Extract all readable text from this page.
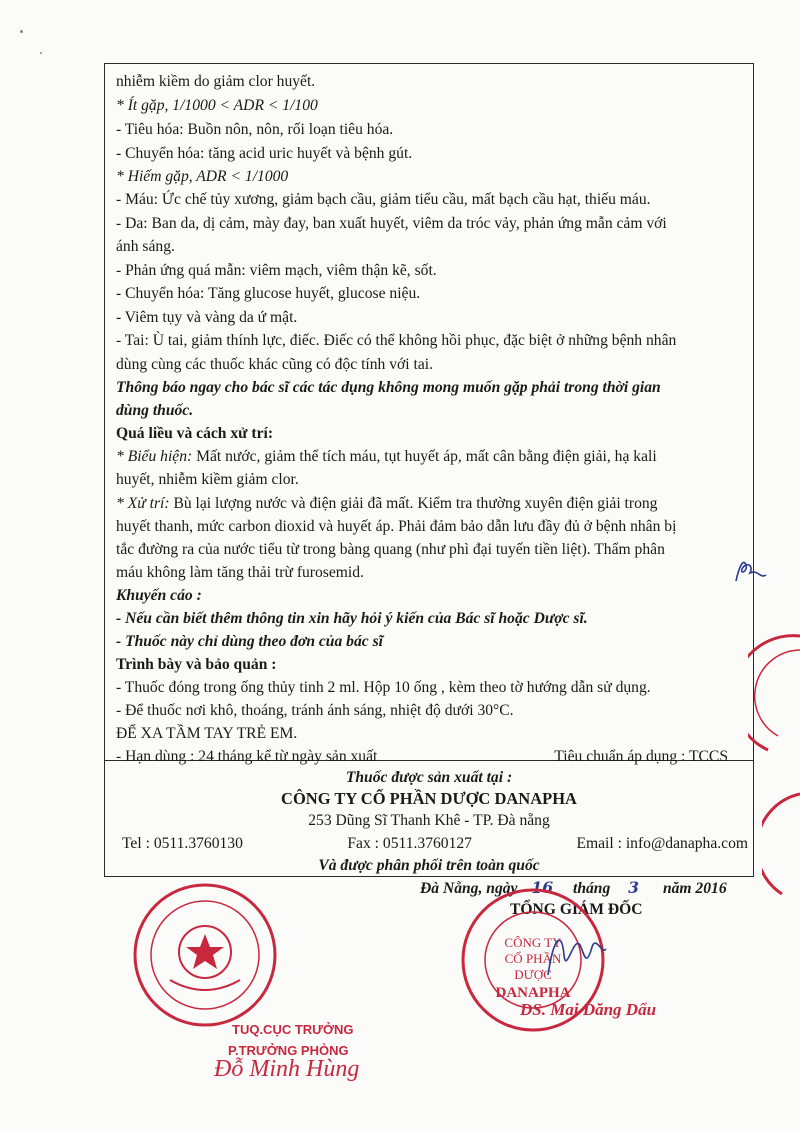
nhiễm kiềm do giảm clor huyết.
* Ít gặp, 1/1000 < ADR < 1/100
- Tiêu hóa: Buồn nôn, nôn, rối loạn tiêu hóa.
- Chuyển hóa: tăng acid uric huyết và bệnh gút.
* Hiếm gặp, ADR < 1/1000
- Máu: Ức chế tủy xương, giảm bạch cầu, giảm tiểu cầu, mất bạch cầu hạt, thiếu máu.
- Da: Ban da, dị cảm, mày đay, ban xuất huyết, viêm da tróc vảy, phản ứng mẫn cảm với
ánh sáng.
- Phản ứng quá mẫn: viêm mạch, viêm thận kẽ, sốt.
- Chuyển hóa: Tăng glucose huyết, glucose niệu.
- Viêm tụy và vàng da ứ mật.
- Tai: Ù tai, giảm thính lực, điếc. Điếc có thể không hồi phục, đặc biệt ở những bệnh nhân
dùng cùng các thuốc khác cũng có độc tính với tai.
Thông báo ngay cho bác sĩ các tác dụng không mong muốn gặp phải trong thời gian
dùng thuốc.
Quá liều và cách xử trí:
* Biểu hiện: Mất nước, giảm thể tích máu, tụt huyết áp, mất cân bằng điện giải, hạ kali
huyết, nhiễm kiềm giảm clor.
* Xử trí: Bù lại lượng nước và điện giải đã mất. Kiểm tra thường xuyên điện giải trong
huyết thanh, mức carbon dioxid và huyết áp. Phải đảm bảo dẫn lưu đầy đủ ở bệnh nhân bị
tắc đường ra của nước tiểu từ trong bàng quang (như phì đại tuyến tiền liệt). Thẩm phân
máu không làm tăng thải trừ furosemid.
Khuyến cáo :
- Nếu cần biết thêm thông tin xin hãy hỏi ý kiến của Bác sĩ hoặc Dược sĩ.
- Thuốc này chỉ dùng theo đơn của bác sĩ
Trình bày và bảo quản :
- Thuốc đóng trong ống thủy tinh 2 ml. Hộp 10 ống , kèm theo tờ hướng dẫn sử dụng.
- Để thuốc nơi khô, thoáng, tránh ánh sáng, nhiệt độ dưới 30°C.
ĐỂ XA TẦM TAY TRẺ EM.
- Hạn dùng : 24 tháng kể từ ngày sản xuất	Tiêu chuẩn áp dụng : TCCS
Thuốc được sản xuất tại :
CÔNG TY CỔ PHẦN DƯỢC DANAPHA
253 Dũng Sĩ Thanh Khê - TP. Đà nẵng
Tel : 0511.3760130	Fax : 0511.3760127	Email : info@danapha.com
Và được phân phối trên toàn quốc
Đà Nẵng, ngày 16 tháng 3 năm 2016
TỔNG GIÁM ĐỐC
CÔNG TY
CỔ PHẦN
DƯỢC
DANAPHA
DS. Mai Dăng Dẩu
TUQ.CỤC TRƯỞNG
P.TRƯỞNG PHÒNG
Đỗ Minh Hùng
